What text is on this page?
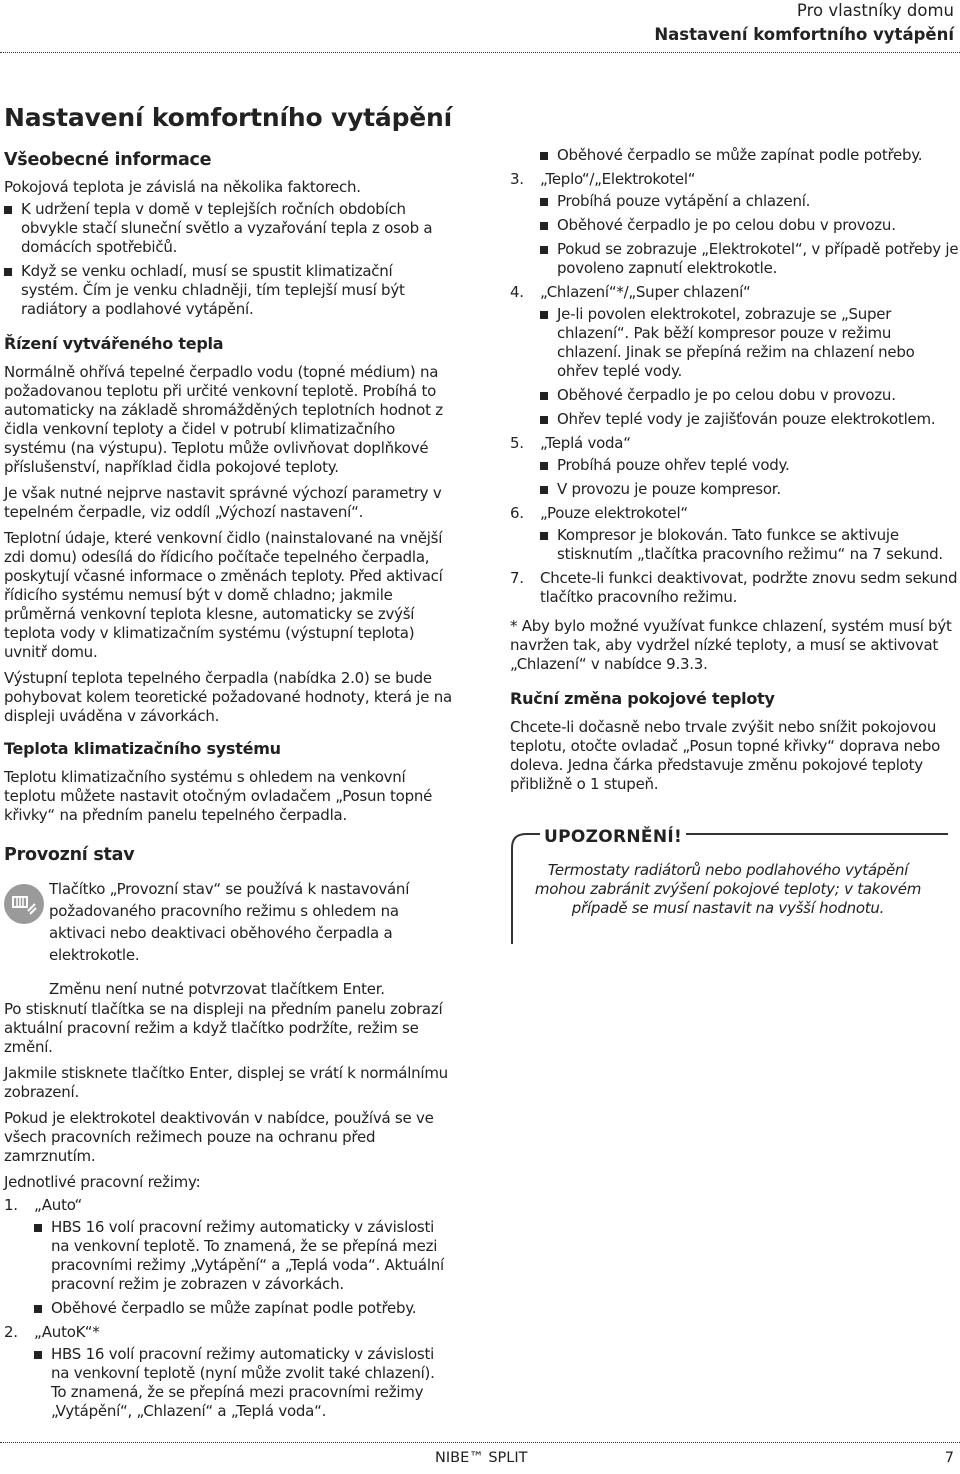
Pro vlastníky domu
Nastavení komfortního vytápění
Nastavení komfortního vytápění
Všeobecné informace

Pokojová teplota je závislá na několika faktorech.

K udržení tepla v domě v teplejších ročních obdobích obvykle stačí sluneční světlo a vyzařování tepla z osob a domácích spotřebičů.
Když se venku ochladí, musí se spustit klimatizační systém. Čím je venku chladněji, tím teplejší musí být radiátory a podlahové vytápění.
Řízení vytvářeného tepla

Normálně ohřívá tepelné čerpadlo vodu (topné médium) na požadovanou teplotu při určité venkovní teplotě. Probíhá to automaticky na základě shromážděných teplotních hodnot z čidla venkovní teploty a čidel v potrubí klimatizačního systému (na výstupu). Teplotu může ovlivňovat doplňkové příslušenství, například čidla pokojové teploty.

Je však nutné nejprve nastavit správné výchozí parametry v tepelném čerpadle, viz oddíl „Výchozí nastavení“.

Teplotní údaje, které venkovní čidlo (nainstalované na vnější zdi domu) odesílá do řídicího počítače tepelného čerpadla, poskytují včasné informace o změnách teploty. Před aktivací řídicího systému nemusí být v domě chladno; jakmile průměrná venkovní teplota klesne, automaticky se zvýší teplota vody v klimatizačním systému (výstupní teplota) uvnitř domu.

Výstupní teplota tepelného čerpadla (nabídka 2.0) se bude pohybovat kolem teoretické požadované hodnoty, která je na displeji uváděna v závorkách.

Teplota klimatizačního systému

Teplotu klimatizačního systému s ohledem na venkovní teplotu můžete nastavit otočným ovladačem „Posun topné křivky“ na předním panelu tepelného čerpadla.

Provozní stav

Tlačítko „Provozní stav“ se používá k nastavování požadovaného pracovního režimu s ohledem na aktivaci nebo deaktivaci oběhového čerpadla a elektrokotle.

Změnu není nutné potvrzovat tlačítkem Enter.

Po stisknutí tlačítka se na displeji na předním panelu zobrazí aktuální pracovní režim a když tlačítko podržíte, režim se změní.

Jakmile stisknete tlačítko Enter, displej se vrátí k normálnímu zobrazení.

Pokud je elektrokotel deaktivován v nabídce, používá se ve všech pracovních režimech pouze na ochranu před zamrznutím.

Jednotlivé pracovní režimy:

1.	„Auto“
HBS 16 volí pracovní režimy automaticky v závislosti na venkovní teplotě. To znamená, že se přepíná mezi pracovními režimy „Vytápění“ a „Teplá voda“. Aktuální pracovní režim je zobrazen v závorkách.
Oběhové čerpadlo se může zapínat podle potřeby.
2.	„AutoK“*
HBS 16 volí pracovní režimy automaticky v závislosti na venkovní teplotě (nyní může zvolit také chlazení). To znamená, že se přepíná mezi pracovními režimy „Vytápění“, „Chlazení“ a „Teplá voda“.
Oběhové čerpadlo se může zapínat podle potřeby.
3.	„Teplo“/„Elektrokotel“
Probíhá pouze vytápění a chlazení.
Oběhové čerpadlo je po celou dobu v provozu.
Pokud se zobrazuje „Elektrokotel“, v případě potřeby je povoleno zapnutí elektrokotle.
4.	„Chlazení“*/„Super chlazení“
Je-li povolen elektrokotel, zobrazuje se „Super chlazení“. Pak běží kompresor pouze v režimu chlazení. Jinak se přepíná režim na chlazení nebo ohřev teplé vody.
Oběhové čerpadlo je po celou dobu v provozu.
Ohřev teplé vody je zajišťován pouze elektrokotlem.
5.	„Teplá voda“
Probíhá pouze ohřev teplé vody.
V provozu je pouze kompresor.
6.	„Pouze elektrokotel“
Kompresor je blokován. Tato funkce se aktivuje stisknutím „tlačítka pracovního režimu“ na 7 sekund.
7.	Chcete-li funkci deaktivovat, podržte znovu sedm sekund tlačítko pracovního režimu.

* Aby bylo možné využívat funkce chlazení, systém musí být navržen tak, aby vydržel nízké teploty, a musí se aktivovat „Chlazení“ v nabídce 9.3.3.

Ruční změna pokojové teploty

Chcete-li dočasně nebo trvale zvýšit nebo snížit pokojovou teplotu, otočte ovladač „Posun topné křivky“ doprava nebo doleva. Jedna čárka představuje změnu pokojové teploty přibližně o 1 stupeň.

UPOZORNĚNÍ!
Termostaty radiátorů nebo podlahového vytápění mohou zabránit zvýšení pokojové teploty; v takovém případě se musí nastavit na vyšší hodnotu.
NIBE™ SPLIT	7
